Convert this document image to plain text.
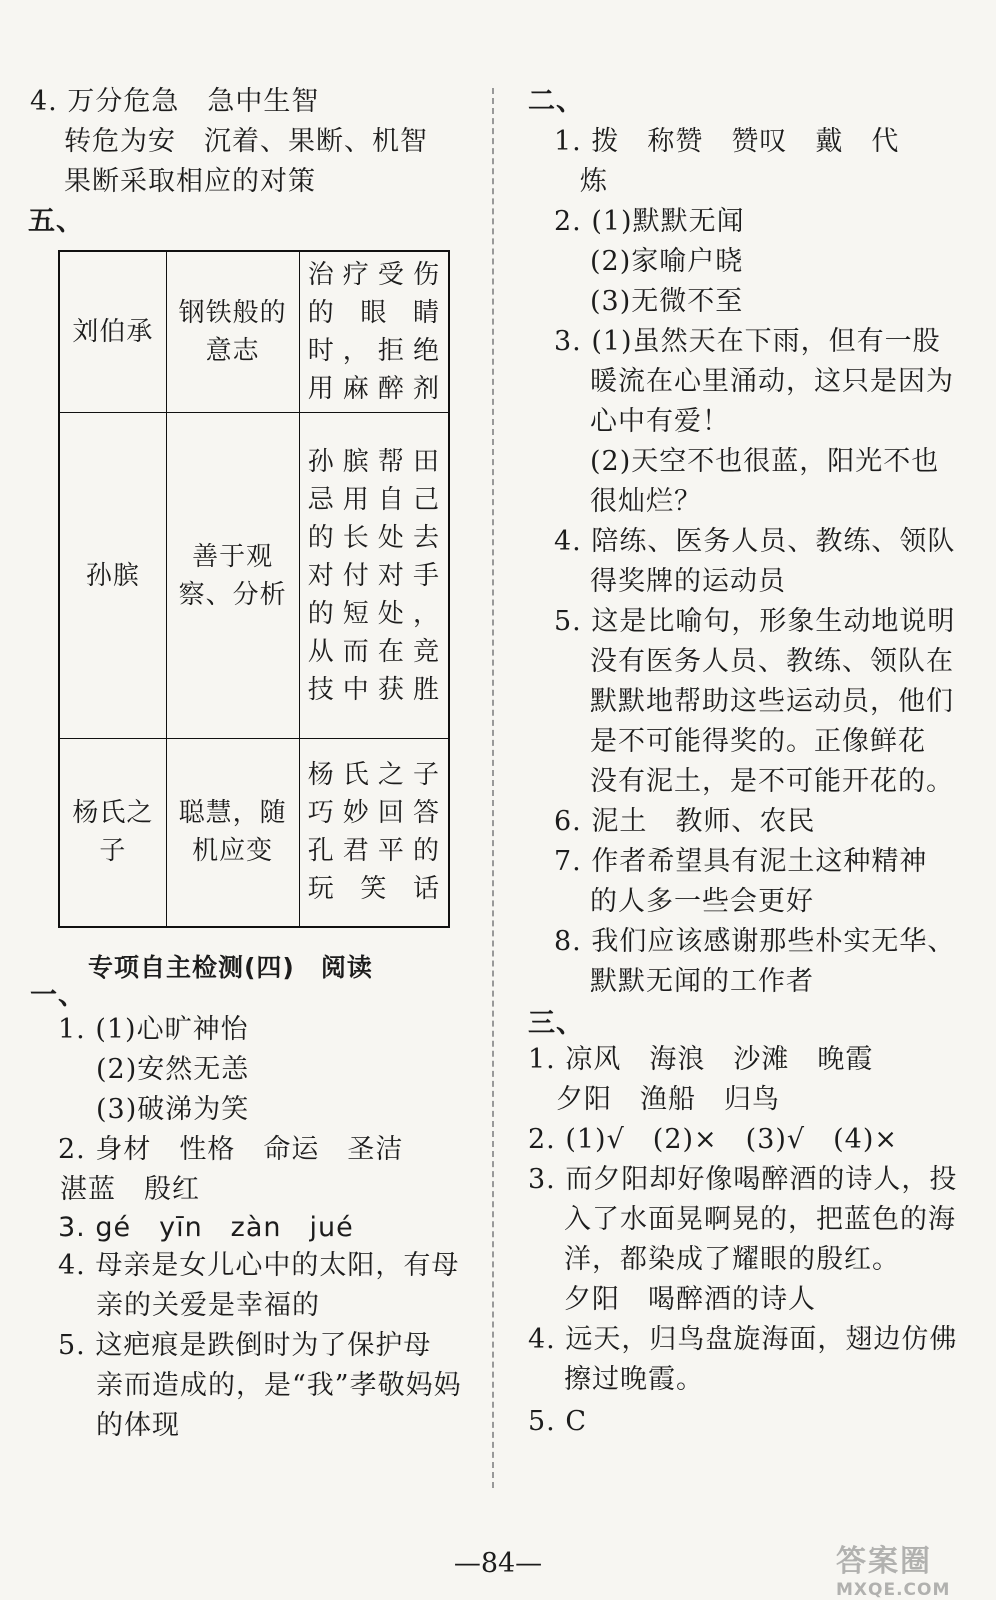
4. 万分危急　急中生智
转危为安　沉着、果断、机智
果断采取相应的对策
五、
刘伯承	钢铁般的意志	治疗受伤的眼睛时，拒绝用麻醉剂
孙膑	善于观察、分析	孙膑帮田忌用自己的长处去对付对手的短处，从而在竞技中获胜
杨氏之子	聪慧，随机应变	杨氏之子巧妙回答孔君平的玩笑话
专项自主检测(四)　阅读
一、
1. (1)心旷神怡
(2)安然无恙
(3)破涕为笑
2. 身材　性格　命运　圣洁
湛蓝　殷红
3. gé　yīn　zàn　jué
4. 母亲是女儿心中的太阳，有母
亲的关爱是幸福的
5. 这疤痕是跌倒时为了保护母
亲而造成的，是“我”孝敬妈妈
的体现
二、
1. 拨　称赞　赞叹　戴　代
炼
2. (1)默默无闻
(2)家喻户晓
(3)无微不至
3. (1)虽然天在下雨，但有一股
暖流在心里涌动，这只是因为
心中有爱！
(2)天空不也很蓝，阳光不也
很灿烂？
4. 陪练、医务人员、教练、领队
得奖牌的运动员
5. 这是比喻句，形象生动地说明
没有医务人员、教练、领队在
默默地帮助这些运动员，他们
是不可能得奖的。正像鲜花
没有泥土，是不可能开花的。
6. 泥土　教师、农民
7. 作者希望具有泥土这种精神
的人多一些会更好
8. 我们应该感谢那些朴实无华、
默默无闻的工作者
三、
1. 凉风　海浪　沙滩　晚霞
夕阳　渔船　归鸟
2. (1)√　(2)×　(3)√　(4)×
3. 而夕阳却好像喝醉酒的诗人，投
入了水面晃啊晃的，把蓝色的海
洋，都染成了耀眼的殷红。
夕阳　喝醉酒的诗人
4. 远天，归鸟盘旋海面，翅边仿佛
擦过晚霞。
5. C
—84—	答案圈
MXQE.COM
